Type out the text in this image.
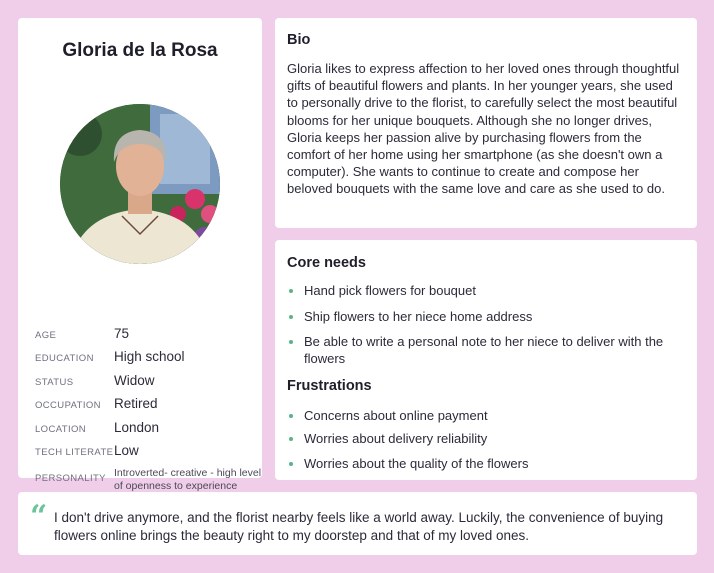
Gloria de la Rosa
AGE	75
EDUCATION High school
STATUS	Widow
OCCUPATION Retired
LOCATION London
TECH LITERATE Low
PERSONALITY Introverted- creative - high level of openness to experience
Bio
Gloria likes to express affection to her loved ones through thoughtful gifts of beautiful flowers and plants. In her younger years, she used to personally drive to the florist, to carefully select the most beautiful blooms for her unique bouquets. Although she no longer drives, Gloria keeps her passion alive by purchasing flowers from the comfort of her home using her smartphone (as she doesn't own a computer). She wants to continue to create and compose her beloved bouquets with the same love and care as she used to do.
Core needs
Hand pick flowers for bouquet
Ship flowers to her niece home address
Be able to write a personal note to her niece to deliver with the flowers
Frustrations
Concerns about online payment
Worries about delivery reliability
Worries about the quality of the flowers
“ I don't drive anymore, and the florist nearby feels like a world away. Luckily, the convenience of buying flowers online brings the beauty right to my doorstep and that of my loved ones.
